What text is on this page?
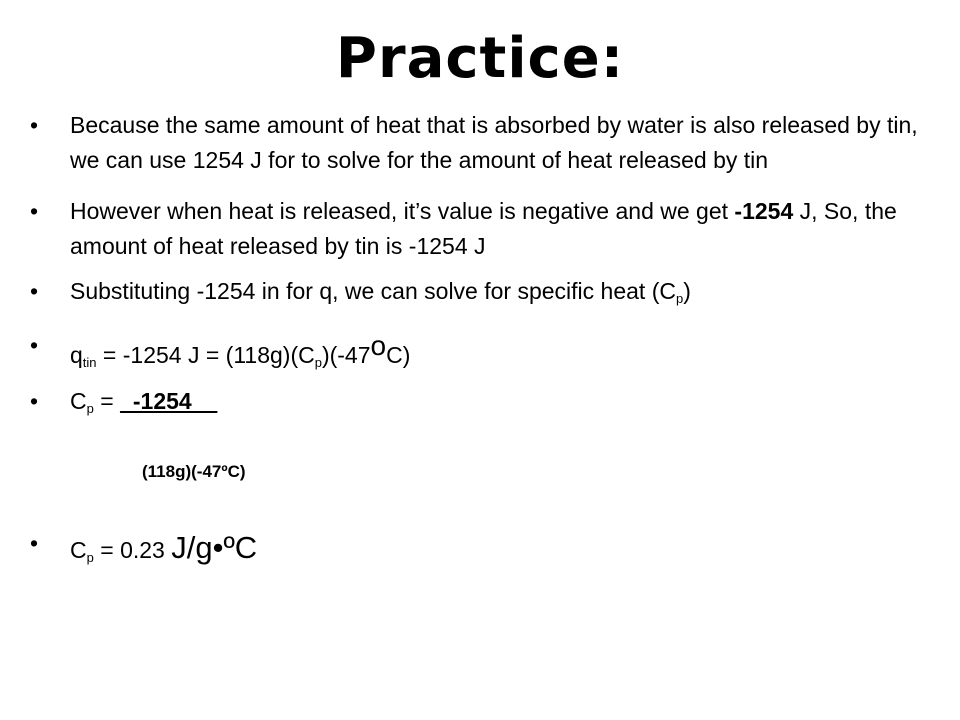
Practice:
• Because the same amount of heat that is absorbed by water is also released by tin, we can use 1254 J for to solve for the amount of heat released by tin
• However when heat is released, it’s value is negative and we get -1254 J, So, the amount of heat released by tin is -1254 J
• Substituting -1254 in for q, we can solve for specific heat $(C_p)$
• $q_{tin} = -1254$ $J = (118g)(C_p)(-47^oC)$
• $C_p$ = _-1254__
(118g)(-47ºC)
• $C_p = 0.23$ J/g•ºC
